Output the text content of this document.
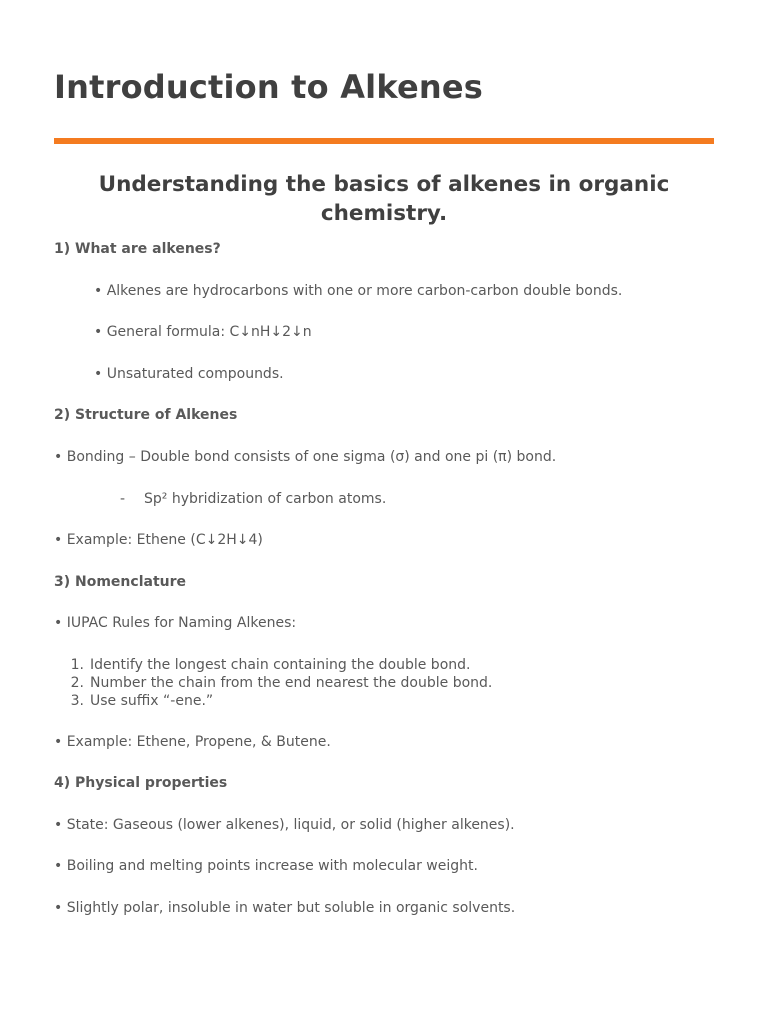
Introduction to Alkenes
Understanding the basics of alkenes in organic chemistry.
1) What are alkenes?
• Alkenes are hydrocarbons with one or more carbon-carbon double bonds.
• General formula: C↓nH↓2↓n
• Unsaturated compounds.
2) Structure of Alkenes
• Bonding – Double bond consists of one sigma (σ) and one pi (π) bond.
- Sp² hybridization of carbon atoms.
• Example: Ethene (C↓2H↓4)
3) Nomenclature
• IUPAC Rules for Naming Alkenes:
1. Identify the longest chain containing the double bond.
2. Number the chain from the end nearest the double bond.
3. Use suffix “-ene.”
• Example: Ethene, Propene, & Butene.
4) Physical properties
• State: Gaseous (lower alkenes), liquid, or solid (higher alkenes).
• Boiling and melting points increase with molecular weight.
• Slightly polar, insoluble in water but soluble in organic solvents.
